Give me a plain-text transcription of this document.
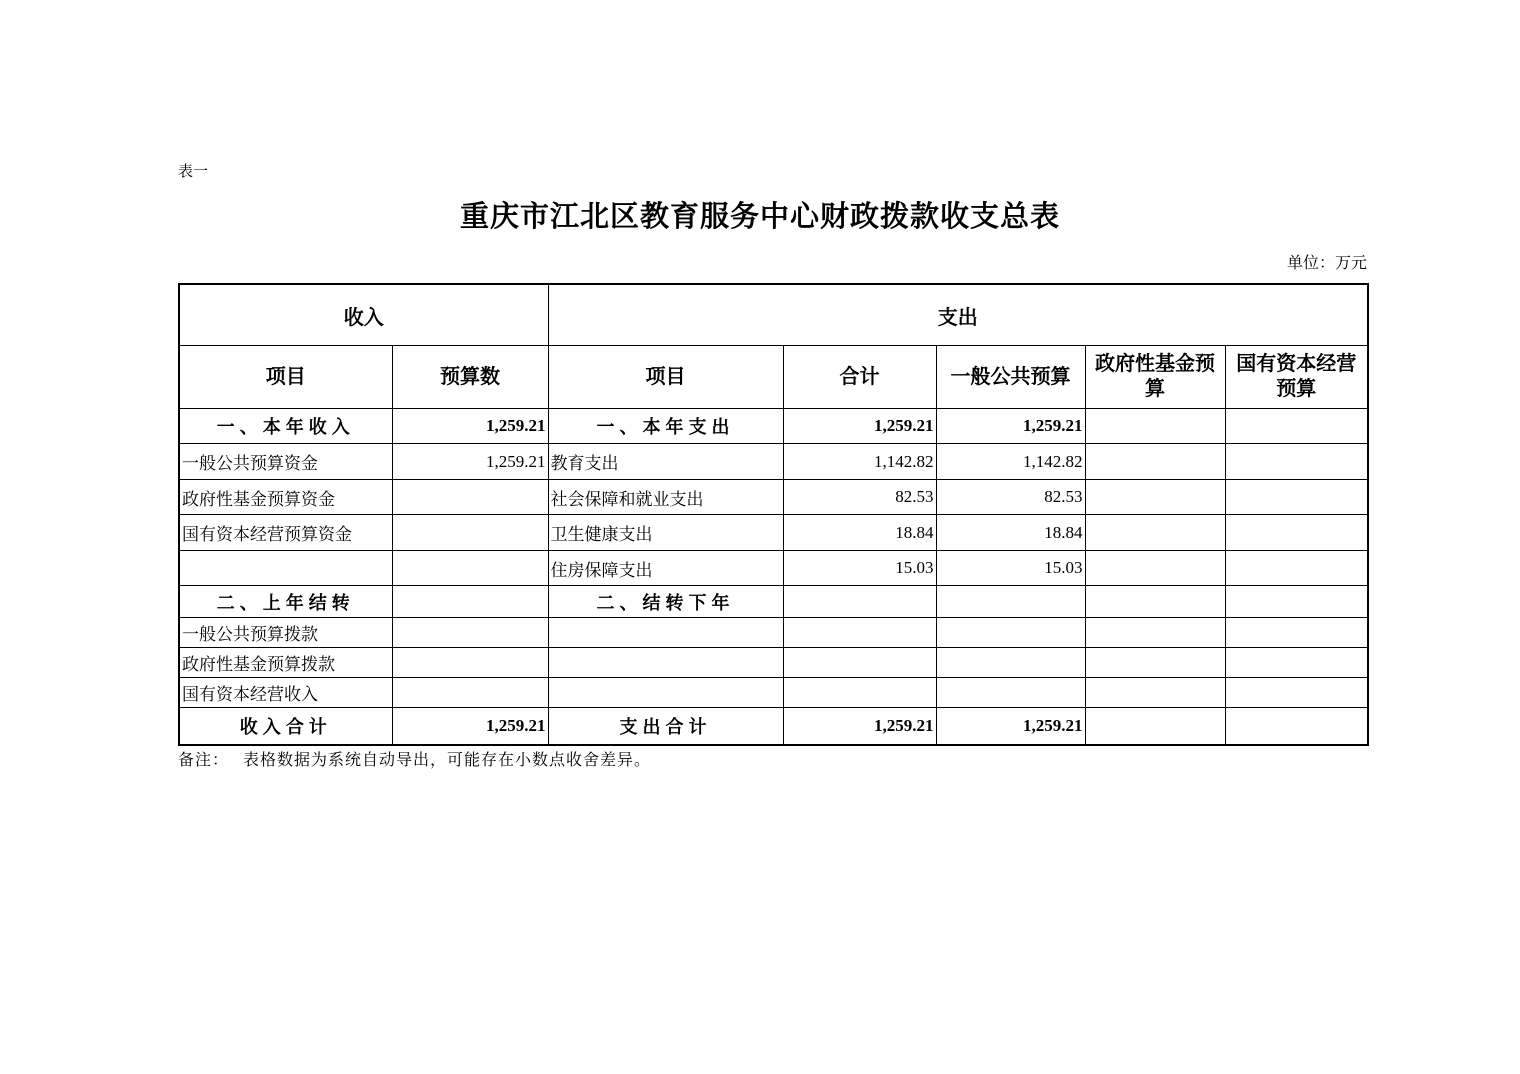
表一
重庆市江北区教育服务中心财政拨款收支总表
单位：万元
收入		支出				
项目	预算数	项目	合计	一般公共预算	政府性基金预算	国有资本经营预算
一、本年收入	1,259.21	一、本年支出	1,259.21	1,259.21		
一般公共预算资金	1,259.21	教育支出	1,142.82	1,142.82		
政府性基金预算资金		社会保障和就业支出	82.53	82.53		
国有资本经营预算资金		卫生健康支出	18.84	18.84		
		住房保障支出	15.03	15.03		
二、上年结转		二、结转下年				
一般公共预算拨款						
政府性基金预算拨款						
国有资本经营收入						
收入合计	1,259.21	支出合计	1,259.21	1,259.21		
备注： 表格数据为系统自动导出，可能存在小数点收舍差异。
